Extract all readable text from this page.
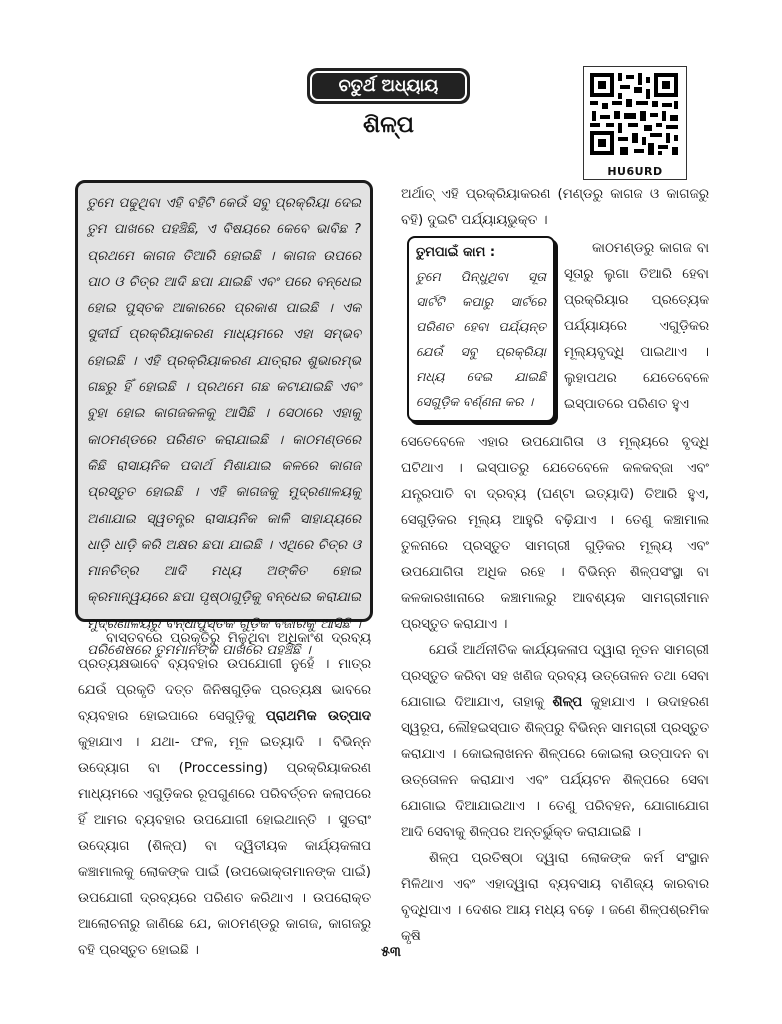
ଚତୁର୍ଥ ଅଧ୍ୟାୟ
ଶିଳ୍ପ
HU6URD

ତୁମେ ପଢୁଥିବା ଏହି ବହିଟି କେଉଁ ସବୁ ପ୍ରକ୍ରିୟା ଦେଇ ତୁମ ପାଖରେ ପହଞ୍ଚିଛି, ଏ ବିଷୟରେ କେବେ ଭାବିଛ ? ପ୍ରଥମେ କାଗଜ ତିଆରି ହୋଇଛି । କାଗଜ ଉପରେ ପାଠ ଓ ଚିତ୍ର ଆଦି ଛପା ଯାଇଛି ଏବଂ ପରେ ବନ୍ଧେଇ ହୋଇ ପୁସ୍ତକ ଆକାରରେ ପ୍ରକାଶ ପାଇଛି । ଏକ ସୁଦୀର୍ଘ ପ୍ରକ୍ରିୟାକରଣ ମାଧ୍ୟମରେ ଏହା ସମ୍ଭବ ହୋଇଛି । ଏହି ପ୍ରକ୍ରିୟାକରଣ ଯାତ୍ରାର ଶୁଭାରମ୍ଭ ଗଛରୁ ହିଁ ହୋଇଛି । ପ୍ରଥମେ ଗଛ କଟାଯାଇଛି ଏବଂ ବୁହା ହୋଇ କାଗଜକଳକୁ ଆସିଛି । ସେଠାରେ ଏହାକୁ କାଠମଣ୍ଡରେ ପରିଣତ କରାଯାଇଛି । କାଠମଣ୍ଡରେ କିଛି ରାସାୟନିକ ପଦାର୍ଥ ମିଶାଯାଇ କଳରେ କାଗଜ ପ୍ରସ୍ତୁତ ହୋଇଛି । ଏହି କାଗଜକୁ ମୁଦ୍ରଣାଳୟକୁ ଅଣାଯାଇ ସ୍ୱତନ୍ତ୍ର ରାସାୟନିକ କାଳି ସାହାଯ୍ୟରେ ଧାଡ଼ି ଧାଡ଼ି କରି ଅକ୍ଷର ଛପା ଯାଇଛି । ଏଥିରେ ଚିତ୍ର ଓ ମାନଚିତ୍ର ଆଦି ମଧ୍ୟ ଅଙ୍କିତ ହୋଇ କ୍ରମାନ୍ୱୟରେ ଛପା ପୃଷ୍ଠାଗୁଡ଼ିକୁ ବନ୍ଧେଇ କରାଯାଇ ମୁଦ୍ରଣାଳୟରୁ ବନ୍ଧାପୁସ୍ତକ ଗୁଡ଼ିକ ବଜାରକୁ ଆସିଛି । ପରିଶେଷରେ ତୁମମାନଙ୍କ ପାଖରେ ପହଞ୍ଚିଛି ।

ବାସ୍ତବରେ ପ୍ରକୃତିରୁ ମିଳୁଥିବା ଅଧିକାଂଶ ଦ୍ରବ୍ୟ ପ୍ରତ୍ୟକ୍ଷଭାବେ ବ୍ୟବହାର ଉପଯୋଗୀ ନୁହେଁ । ମାତ୍ର ଯେଉଁ ପ୍ରକୃତି ଦତ୍ତ ଜିନିଷଗୁଡ଼ିକ ପ୍ରତ୍ୟକ୍ଷ ଭାବରେ ବ୍ୟବହାର ହୋଇପାରେ ସେଗୁଡ଼ିକୁ ପ୍ରାଥମିକ ଉତ୍ପାଦ କୁହାଯାଏ । ଯଥା- ଫଳ, ମୂଳ ଇତ୍ୟାଦି । ବିଭିନ୍ନ ଉଦ୍ୟୋଗ ବା (Proccessing) ପ୍ରକ୍ରିୟାକରଣ ମାଧ୍ୟମରେ ଏଗୁଡ଼ିକର ରୂପଗୁଣରେ ପରିବର୍ତ୍ତନ କଲାପରେ ହିଁ ଆମର ବ୍ୟବହାର ଉପଯୋଗୀ ହୋଇଥାନ୍ତି । ସୁତରାଂ ଉଦ୍ୟୋଗ (ଶିଳ୍ପ) ବା ଦ୍ୱିତୀୟକ କାର୍ଯ୍ୟକଳାପ କଞ୍ଚାମାଲକୁ ଲୋକଙ୍କ ପାଇଁ (ଉପଭୋକ୍ତାମାନଙ୍କ ପାଇଁ) ଉପଯୋଗୀ ଦ୍ରବ୍ୟରେ ପରିଣତ କରିଥାଏ । ଉପରୋକ୍ତ ଆଲୋଚନାରୁ ଜାଣିଛେ ଯେ, କାଠମଣ୍ଡରୁ କାଗଜ, କାଗଜରୁ ବହି ପ୍ରସ୍ତୁତ ହୋଇଛି ।

ଅର୍ଥାତ୍ ଏହି ପ୍ରକ୍ରିୟାକରଣ (ମଣ୍ଡରୁ କାଗଜ ଓ କାଗଜରୁ ବହି) ଦୁଇଟି ପର୍ଯ୍ୟାୟଭୁକ୍ତ ।

ତୁମପାଇଁ କାମ :

ତୁମେ ପିନ୍ଧୁଥିବା ସୂତା ସାର୍ଟଟି କପାରୁ ସାର୍ଟରେ ପରିଣତ ହେବା ପର୍ଯ୍ୟନ୍ତ ଯେଉଁ ସବୁ ପ୍ରକ୍ରିୟା ମଧ୍ୟ ଦେଇ ଯାଇଛି ସେଗୁଡ଼ିକ ବର୍ଣ୍ଣନା କର ।

କାଠମଣ୍ଡରୁ କାଗଜ ବା ସୂତାରୁ ଲୁଗା ତିଆରି ହେବା ପ୍ରକ୍ରିୟାର ପ୍ରତ୍ୟେକ ପର୍ଯ୍ୟାୟରେ ଏଗୁଡ଼ିକର ମୂଲ୍ୟବୃଦ୍ଧି ପାଇଥାଏ । ଲୁହାପଥର ଯେତେବେଳେ ଇସ୍ପାତରେ ପରିଣତ ହୁଏ

ସେତେବେଳେ ଏହାର ଉପଯୋଗିତା ଓ ମୂଲ୍ୟରେ ବୃଦ୍ଧି ଘଟିଥାଏ । ଇସ୍ପାତରୁ ଯେତେବେଳେ କଳକବ୍ଜା ଏବଂ ଯନ୍ତ୍ରପାତି ବା ଦ୍ରବ୍ୟ (ଘଣ୍ଟା ଇତ୍ୟାଦି) ତିଆରି ହୁଏ, ସେଗୁଡ଼ିକର ମୂଲ୍ୟ ଆହୁରି ବଢ଼ିଯାଏ । ତେଣୁ କଞ୍ଚାମାଲ ତୁଳନାରେ ପ୍ରସ୍ତୁତ ସାମଗ୍ରୀ ଗୁଡ଼ିକର ମୂଲ୍ୟ ଏବଂ ଉପଯୋଗିତା ଅଧିକ ରହେ । ବିଭିନ୍ନ ଶିଳ୍ପସଂସ୍ଥା ବା କଳକାରଖାନାରେ କଞ୍ଚାମାଲରୁ ଆବଶ୍ୟକ ସାମଗ୍ରୀମାନ ପ୍ରସ୍ତୁତ କରାଯାଏ ।

ଯେଉଁ ଆର୍ଥନୀତିକ କାର୍ଯ୍ୟକଳାପ ଦ୍ୱାରା ନୂତନ ସାମଗ୍ରୀ ପ୍ରସ୍ତୁତ କରିବା ସହ ଖଣିଜ ଦ୍ରବ୍ୟ ଉତ୍ତୋଳନ ତଥା ସେବା ଯୋଗାଇ ଦିଆଯାଏ, ତାହାକୁ ଶିଳ୍ପ କୁହାଯାଏ । ଉଦାହରଣ ସ୍ୱରୂପ, ଲୌହଇସ୍ପାତ ଶିଳ୍ପରୁ ବିଭିନ୍ନ ସାମଗ୍ରୀ ପ୍ରସ୍ତୁତ କରାଯାଏ । କୋଇଲାଖନନ ଶିଳ୍ପରେ କୋଇଲା ଉତ୍ପାଦନ ବା ଉତ୍ତୋଳନ କରାଯାଏ ଏବଂ ପର୍ଯ୍ୟଟନ ଶିଳ୍ପରେ ସେବା ଯୋଗାଇ ଦିଆଯାଇଥାଏ । ତେଣୁ ପରିବହନ, ଯୋଗାଯୋଗ ଆଦି ସେବାକୁ ଶିଳ୍ପର ଅନ୍ତର୍ଭୁକ୍ତ କରାଯାଇଛି ।

ଶିଳ୍ପ ପ୍ରତିଷ୍ଠା ଦ୍ୱାରା ଲୋକଙ୍କ କର୍ମ ସଂସ୍ଥାନ ମିଳିଥାଏ ଏବଂ ଏହାଦ୍ୱାରା ବ୍ୟବସାୟ ବାଣିଜ୍ୟ କାରବାର ବୃଦ୍ଧିପାଏ । ଦେଶର ଆୟ ମଧ୍ୟ ବଢ଼େ । ଜଣେ ଶିଳ୍ପଶ୍ରମିକ କୃଷି

୫୩
